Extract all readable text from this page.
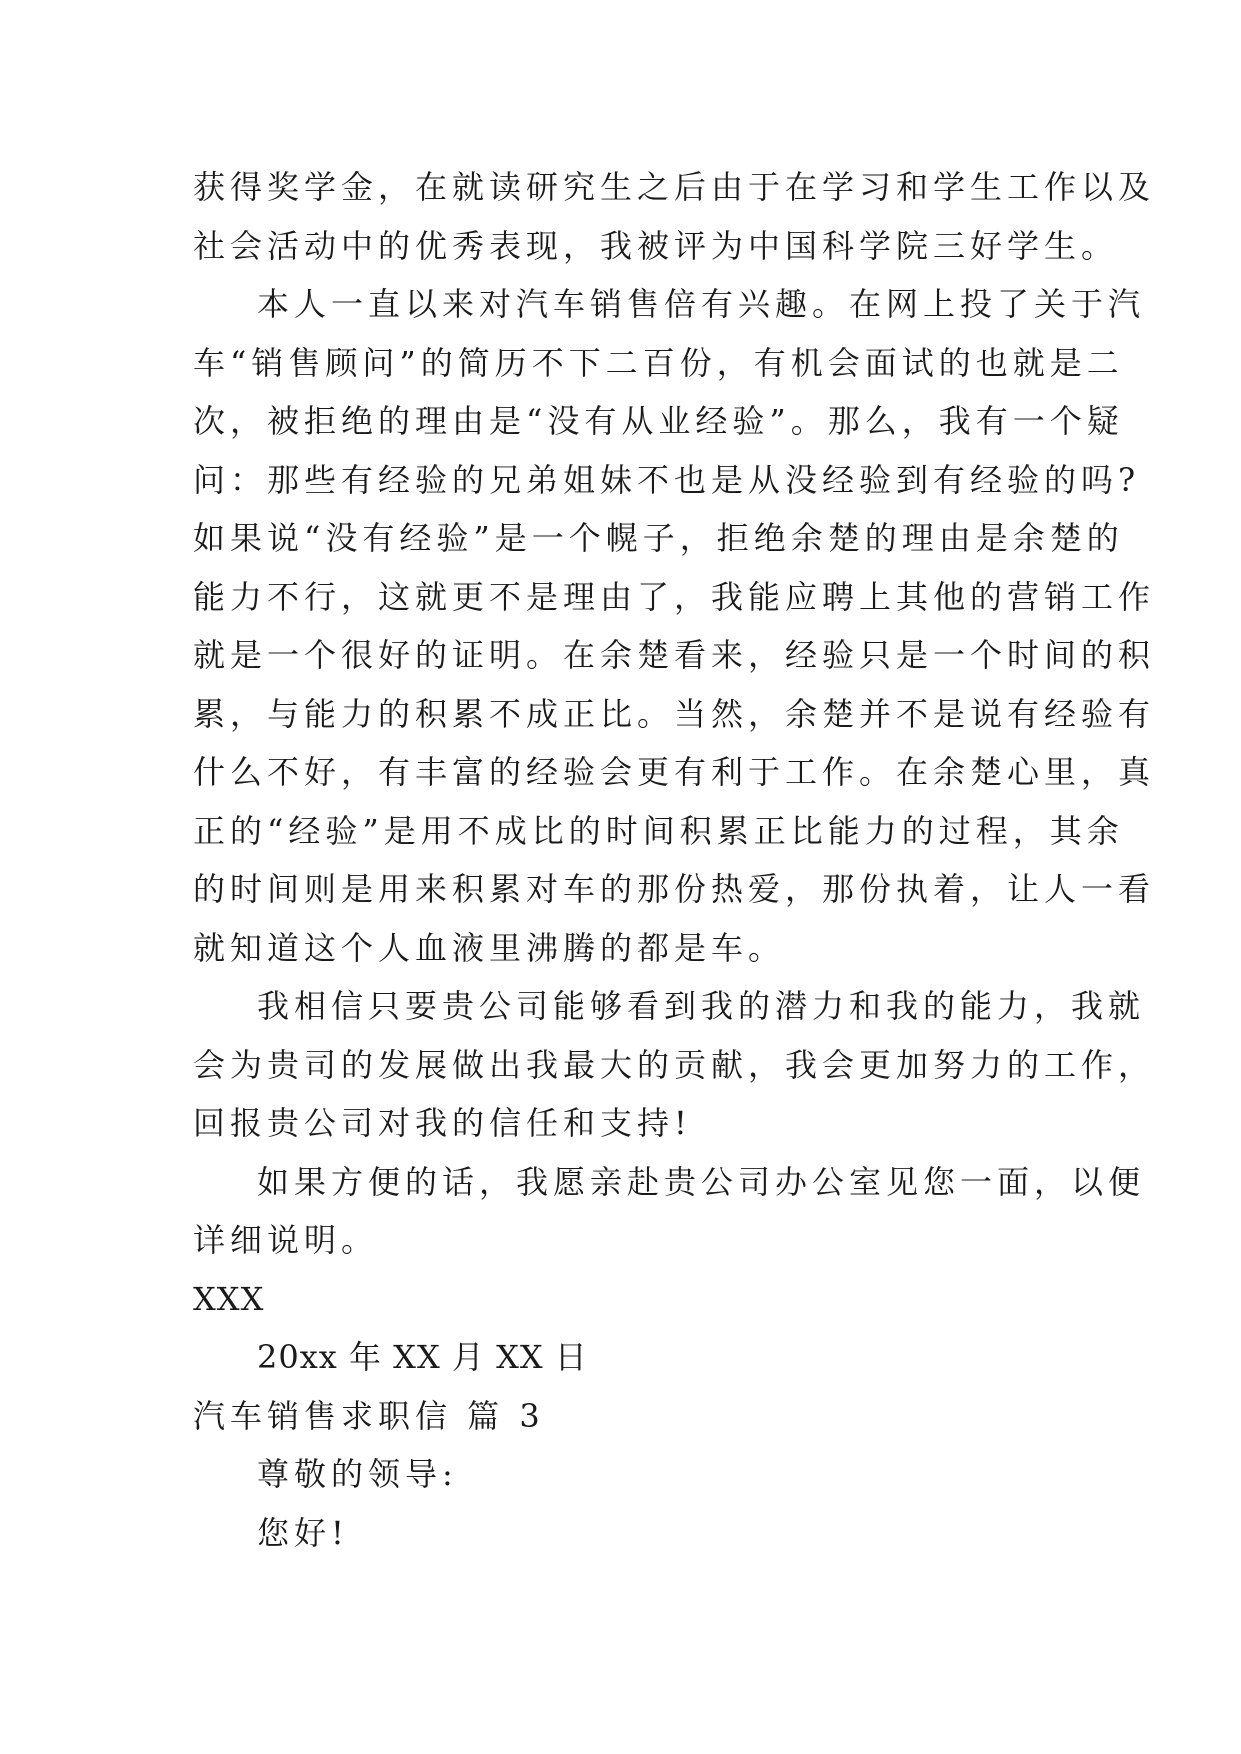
获得奖学金，在就读研究生之后由于在学习和学生工作以及

社会活动中的优秀表现，我被评为中国科学院三好学生。

本人一直以来对汽车销售倍有兴趣。在网上投了关于汽

车“销售顾问”的简历不下二百份，有机会面试的也就是二

次，被拒绝的理由是“没有从业经验”。那么，我有一个疑

问：那些有经验的兄弟姐妹不也是从没经验到有经验的吗?

如果说“没有经验”是一个幌子，拒绝余楚的理由是余楚的

能力不行，这就更不是理由了，我能应聘上其他的营销工作

就是一个很好的证明。在余楚看来，经验只是一个时间的积

累，与能力的积累不成正比。当然，余楚并不是说有经验有

什么不好，有丰富的经验会更有利于工作。在余楚心里，真

正的“经验”是用不成比的时间积累正比能力的过程，其余

的时间则是用来积累对车的那份热爱，那份执着，让人一看

就知道这个人血液里沸腾的都是车。

我相信只要贵公司能够看到我的潜力和我的能力，我就

会为贵司的发展做出我最大的贡献，我会更加努力的工作，

回报贵公司对我的信任和支持!

如果方便的话，我愿亲赴贵公司办公室见您一面，以便

详细说明。

XXX

20xx 年 XX 月 XX 日

汽车销售求职信 篇 3

尊敬的领导:

您好!
